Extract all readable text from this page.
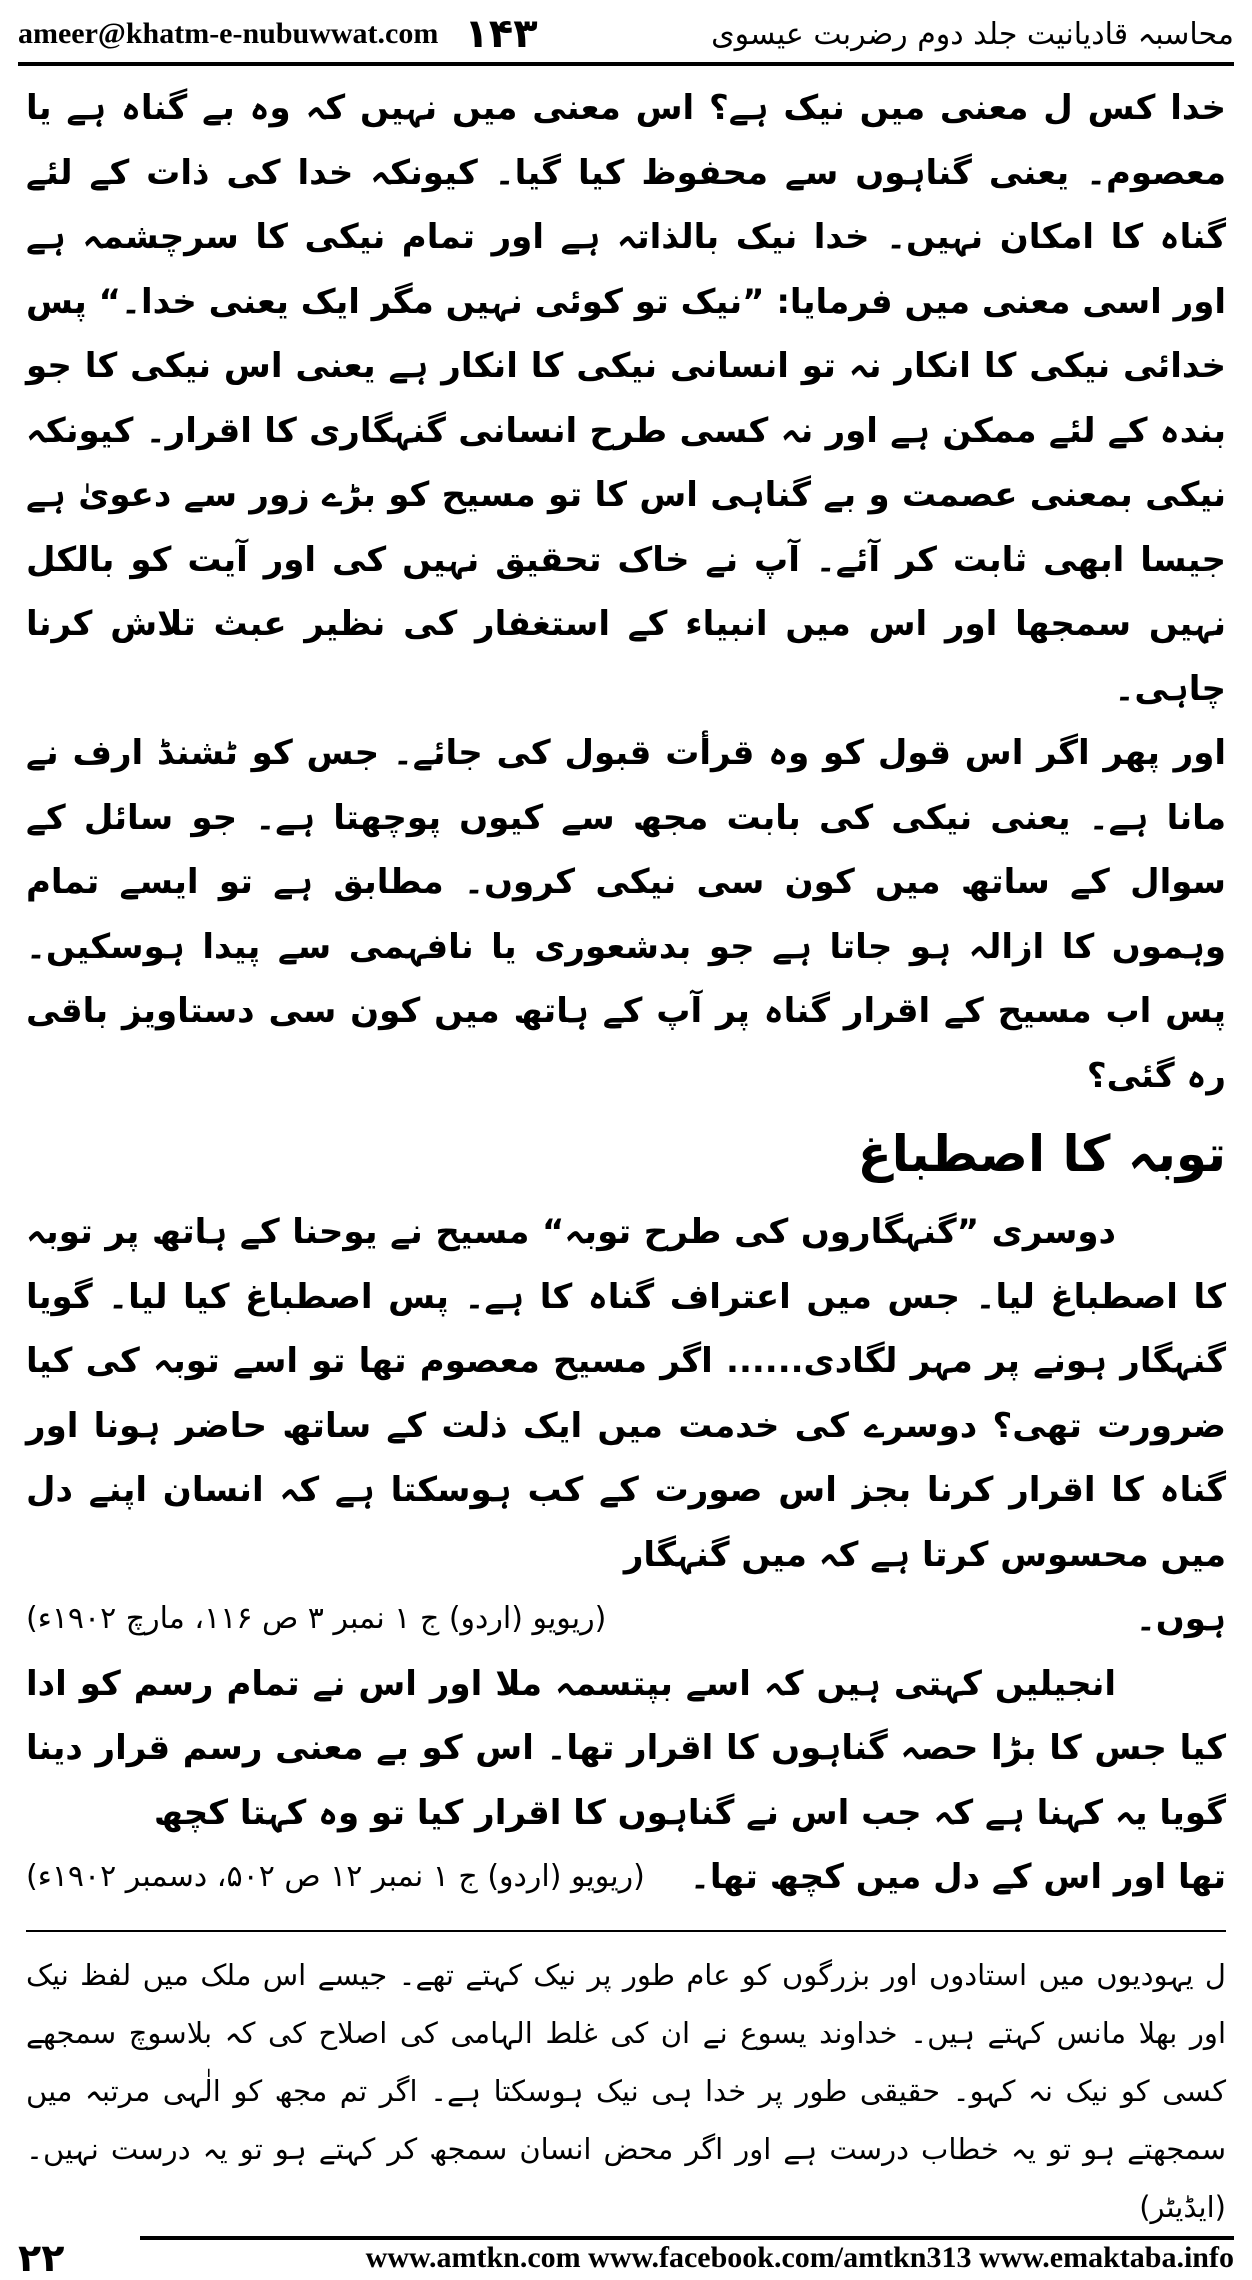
ameer@khatm-e-nubuwwat.com ۱۴۳	محاسبہ قادیانیت جلد دوم رضربت عیسوی

خدا کس‌ ل معنی میں نیک ہے؟ اس معنی میں نہیں کہ وہ بے گناہ ہے یا معصوم۔ یعنی گناہوں سے محفوظ کیا گیا۔ کیونکہ خدا کی ذات کے لئے گناہ کا امکان نہیں۔ خدا نیک بالذاتہ ہے اور تمام نیکی کا سرچشمہ ہے اور اسی معنی میں فرمایا: ”نیک تو کوئی نہیں مگر ایک یعنی خدا۔“ پس خدائی نیکی کا انکار نہ تو انسانی نیکی کا انکار ہے یعنی اس نیکی کا جو بندہ کے لئے ممکن ہے اور نہ کسی طرح انسانی گنہگاری کا اقرار۔ کیونکہ نیکی بمعنی عصمت و بے گناہی اس کا تو مسیح کو بڑے زور سے دعویٰ ہے جیسا ابھی ثابت کر آئے۔ آپ نے خاک تحقیق نہیں کی اور آیت کو بالکل نہیں سمجھا اور اس میں انبیاء کے استغفار کی نظیر عبث تلاش کرنا چاہی۔

اور پھر اگر اس قول کو وہ قرأت قبول کی جائے۔ جس کو ٹشنڈ ارف نے مانا ہے۔ یعنی نیکی کی بابت مجھ سے کیوں پوچھتا ہے۔ جو سائل کے سوال کے ساتھ میں کون سی نیکی کروں۔ مطابق ہے تو ایسے تمام وہموں کا ازالہ ہو جاتا ہے جو بدشعوری یا نافہمی سے پیدا ہوسکیں۔ پس اب مسیح کے اقرار گناہ پر آپ کے ہاتھ میں کون سی دستاویز باقی رہ گئی؟

توبہ کا اصطباغ

دوسری ”گنہگاروں کی طرح توبہ“ مسیح نے یوحنا کے ہاتھ پر توبہ کا اصطباغ لیا۔ جس میں اعتراف گناہ کا ہے۔ پس اصطباغ کیا لیا۔ گویا گنہگار ہونے پر مہر لگادی...... اگر مسیح معصوم تھا تو اسے توبہ کی کیا ضرورت تھی؟ دوسرے کی خدمت میں ایک ذلت کے ساتھ حاضر ہونا اور گناہ کا اقرار کرنا بجز اس صورت کے کب ہوسکتا ہے کہ انسان اپنے دل میں محسوس کرتا ہے کہ میں گنہگار

ہوں۔
(ریویو (اردو) ج ۱ نمبر ۳ ص ۱۱۶، مارچ ۱۹۰۲ء)

انجیلیں کہتی ہیں کہ اسے بپتسمہ ملا اور اس نے تمام رسم کو ادا کیا جس کا بڑا حصہ گناہوں کا اقرار تھا۔ اس کو بے معنی رسم قرار دینا گویا یہ کہنا ہے کہ جب اس نے گناہوں کا اقرار کیا تو وہ کہتا کچھ

تھا اور اس کے دل میں کچھ تھا۔
(ریویو (اردو) ج ۱ نمبر ۱۲ ص ۵۰۲، دسمبر ۱۹۰۲ء)
ل یہودیوں میں استادوں اور بزرگوں کو عام طور پر نیک کہتے تھے۔ جیسے اس ملک میں لفظ نیک اور بھلا مانس کہتے ہیں۔ خداوند یسوع نے ان کی غلط الہامی کی اصلاح کی کہ بلاسوچ سمجھے کسی کو نیک نہ کہو۔ حقیقی طور پر خدا ہی نیک ہوسکتا ہے۔ اگر تم مجھ کو الٰہی مرتبہ میں سمجھتے ہو تو یہ خطاب درست ہے اور اگر محض انسان سمجھ کر کہتے ہو تو یہ درست نہیں۔ (ایڈیٹر)
۲۲	www.amtkn.com www.facebook.com/amtkn313 www.emaktaba.info
